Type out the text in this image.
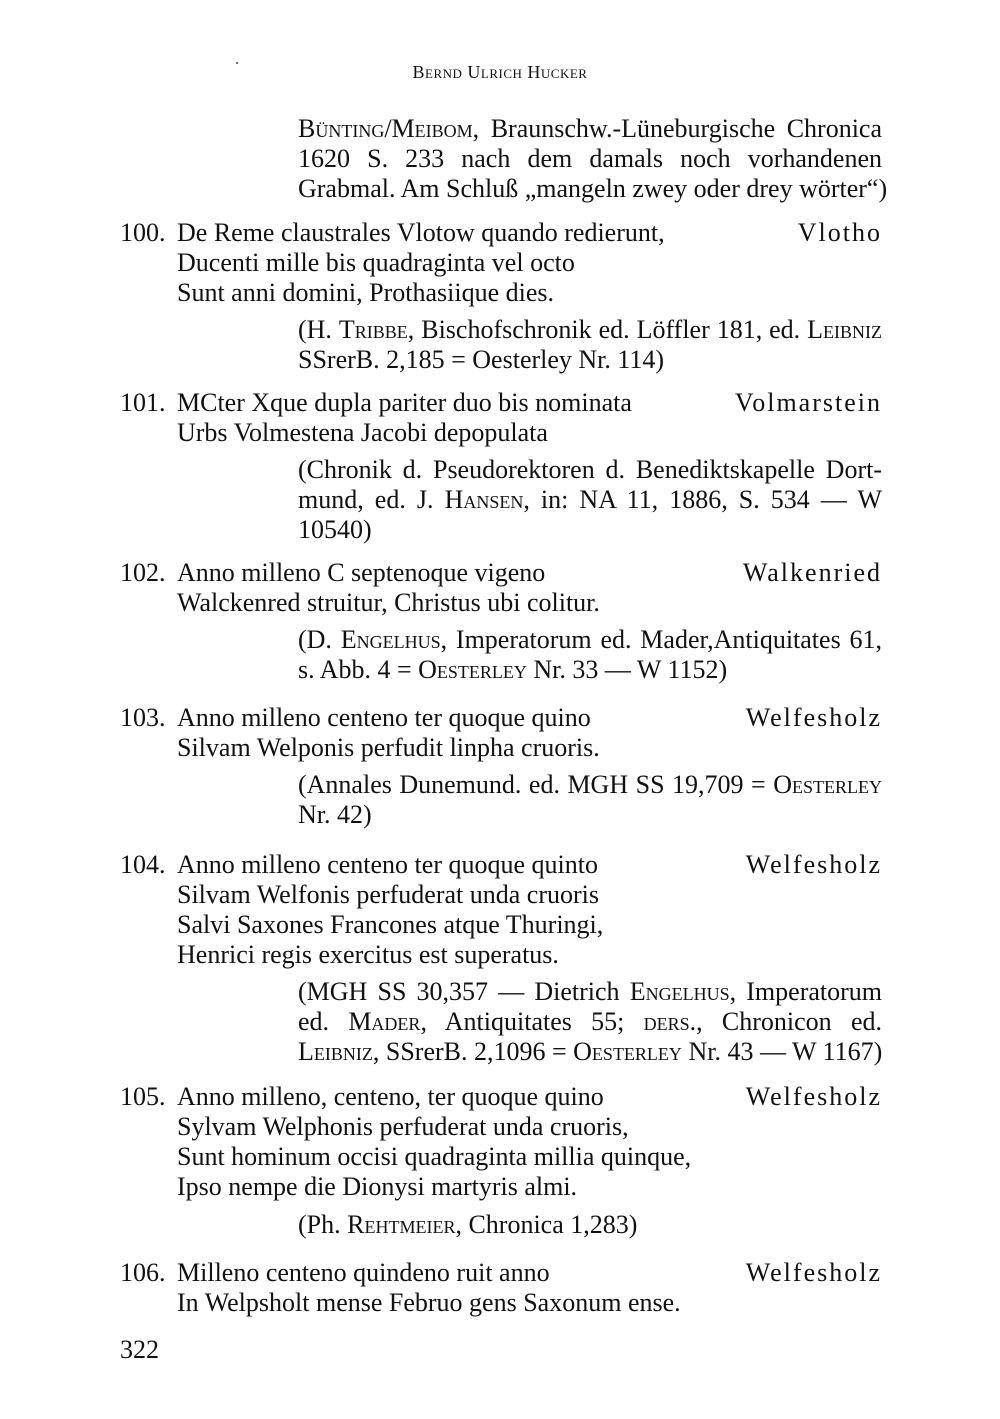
Bernd Ulrich Hucker
Bünting/Meibom, Braunschw.-Lüneburgische Chronica
1620 S. 233 nach dem damals noch vorhandenen
Grabmal. Am Schluß „mangeln zwey oder drey wörter“)
100. De Reme claustrales Vlotow quando redierunt,	Vlotho
Ducenti mille bis quadraginta vel octo
Sunt anni domini, Prothasiique dies.
(H. Tribbe, Bischofschronik ed. Löffler 181, ed. Leibniz
SSrerB. 2,185 = Oesterley Nr. 114)
101. MCter Xque dupla pariter duo bis nominata	Volmarstein
Urbs Volmestena Jacobi depopulata
(Chronik d. Pseudorektoren d. Benediktskapelle Dort-
mund, ed. J. Hansen, in: NA 11, 1886, S. 534 — W
10540)
102. Anno milleno C septenoque vigeno	Walkenried
Walckenred struitur, Christus ubi colitur.
(D. Engelhus, Imperatorum ed. Mader,Antiquitates 61,
s. Abb. 4 = Oesterley Nr. 33 — W 1152)
103. Anno milleno centeno ter quoque quino	Welfesholz
Silvam Welponis perfudit linpha cruoris.
(Annales Dunemund. ed. MGH SS 19,709 = Oesterley
Nr. 42)
104. Anno milleno centeno ter quoque quinto	Welfesholz
Silvam Welfonis perfuderat unda cruoris
Salvi Saxones Francones atque Thuringi,
Henrici regis exercitus est superatus.
(MGH SS 30,357 — Dietrich Engelhus, Imperatorum
ed. Mader, Antiquitates 55; ders., Chronicon ed.
Leibniz, SSrerB. 2,1096 = Oesterley Nr. 43 — W 1167)
105. Anno milleno, centeno, ter quoque quino	Welfesholz
Sylvam Welphonis perfuderat unda cruoris,
Sunt hominum occisi quadraginta millia quinque,
Ipso nempe die Dionysi martyris almi.
(Ph. Rehtmeier, Chronica 1,283)
106. Milleno centeno quindeno ruit anno	Welfesholz
In Welpsholt mense Februo gens Saxonum ense.
322
